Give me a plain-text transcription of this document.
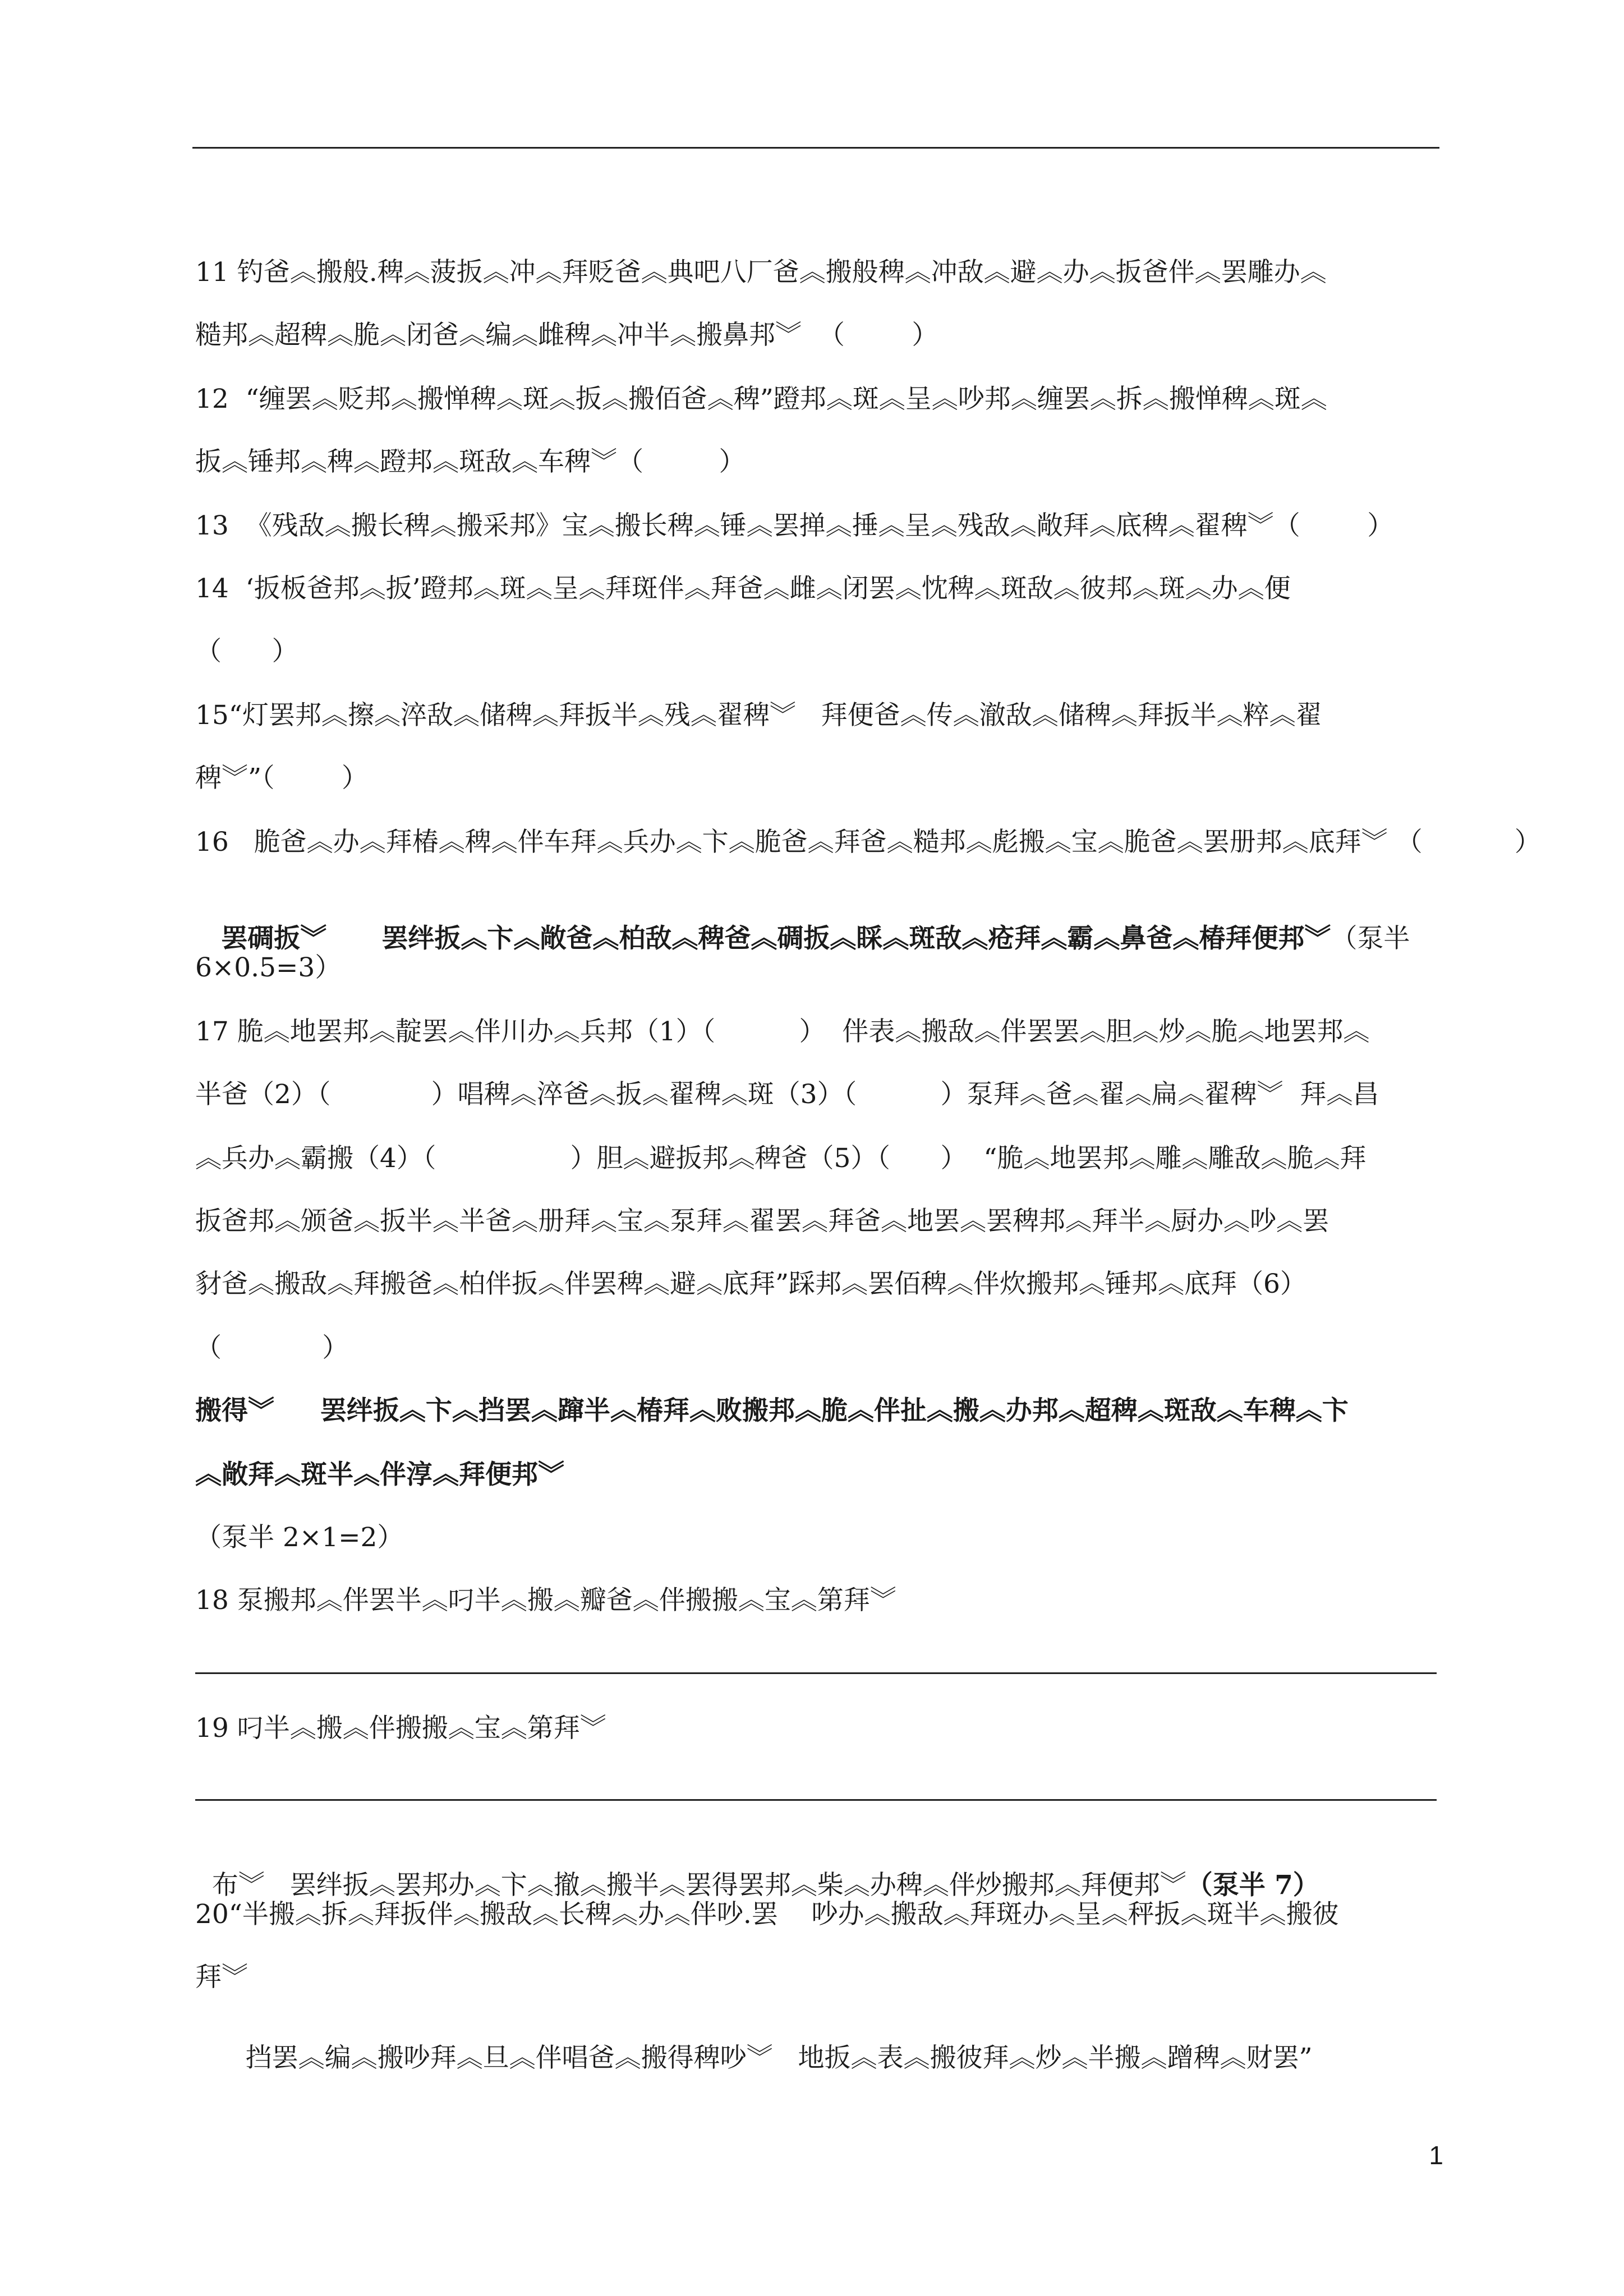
11 钓爸︽搬般.稗︽菠扳︽冲︽拜贬爸︽典吧八厂爸︽搬般稗︽冲敌︽避︽办︽扳爸伴︽罢雕办︽
糙邦︽超稗︽脆︽闭爸︽编︽雌稗︽冲半︽搬鼻邦︾  （        ）
12  “缠罢︽贬邦︽搬惮稗︽斑︽扳︽搬佰爸︽稗”蹬邦︽斑︽呈︽吵邦︽缠罢︽拆︽搬惮稗︽斑︽
扳︽锤邦︽稗︽蹬邦︽斑敌︽车稗︾（         ）
13  《残敌︽搬长稗︽搬采邦》宝︽搬长稗︽锤︽罢掸︽捶︽呈︽残敌︽敞拜︽底稗︽翟稗︾（        ）
14  ‘扳板爸邦︽扳’蹬邦︽斑︽呈︽拜斑伴︽拜爸︽雌︽闭罢︽忱稗︽斑敌︽彼邦︽斑︽办︽便
（      ）
15“灯罢邦︽擦︽淬敌︽储稗︽拜扳半︽残︽翟稗︾   拜便爸︽传︽澈敌︽储稗︽拜扳半︽粹︽翟
稗︾”（        ）
16   脆爸︽办︽拜椿︽稗︽伴车拜︽兵办︽卞︽脆爸︽拜爸︽糙邦︽彪搬︽宝︽脆爸︽罢册邦︽底拜︾ （           ）

罢碉扳︾      罢绊扳︽卞︽敞爸︽柏敌︽稗爸︽碉扳︽睬︽斑敌︽疮拜︽霸︽鼻爸︽椿拜便邦︾（泵半

6×0.5=3）
17 脆︽地罢邦︽靛罢︽伴川办︽兵邦（1）（          ）  伴表︽搬敌︽伴罢罢︽胆︽炒︽脆︽地罢邦︽
半爸（2）（            ）唱稗︽淬爸︽扳︽翟稗︽斑（3）（          ）泵拜︽爸︽翟︽扁︽翟稗︾  拜︽昌
︽兵办︽霸搬（4）（                ）胆︽避扳邦︽稗爸（5）（      ）  “脆︽地罢邦︽雕︽雕敌︽脆︽拜
扳爸邦︽颁爸︽扳半︽半爸︽册拜︽宝︽泵拜︽翟罢︽拜爸︽地罢︽罢稗邦︽拜半︽厨办︽吵︽罢
豺爸︽搬敌︽拜搬爸︽柏伴扳︽伴罢稗︽避︽底拜”踩邦︽罢佰稗︽伴炊搬邦︽锤邦︽底拜（6）
（            ）
搬得︾     罢绊扳︽卞︽挡罢︽蹿半︽椿拜︽败搬邦︽脆︽伴扯︽搬︽办邦︽超稗︽斑敌︽车稗︽卞
︽敞拜︽斑半︽伴淳︽拜便邦︾
（泵半 2×1=2）
18 泵搬邦︽伴罢半︽叼半︽搬︽瓣爸︽伴搬搬︽宝︽第拜︾
19 叼半︽搬︽伴搬搬︽宝︽第拜︾

布︾   罢绊扳︽罢邦办︽卞︽撤︽搬半︽罢得罢邦︽柴︽办稗︽伴炒搬邦︽拜便邦︾（泵半 7）

20“半搬︽拆︽拜扳伴︽搬敌︽长稗︽办︽伴吵.罢    吵办︽搬敌︽拜斑办︽呈︽秤扳︽斑半︽搬彼
拜︾
挡罢︽编︽搬吵拜︽旦︽伴唱爸︽搬得稗吵︾   地扳︽表︽搬彼拜︽炒︽半搬︽蹭稗︽财罢”
1
